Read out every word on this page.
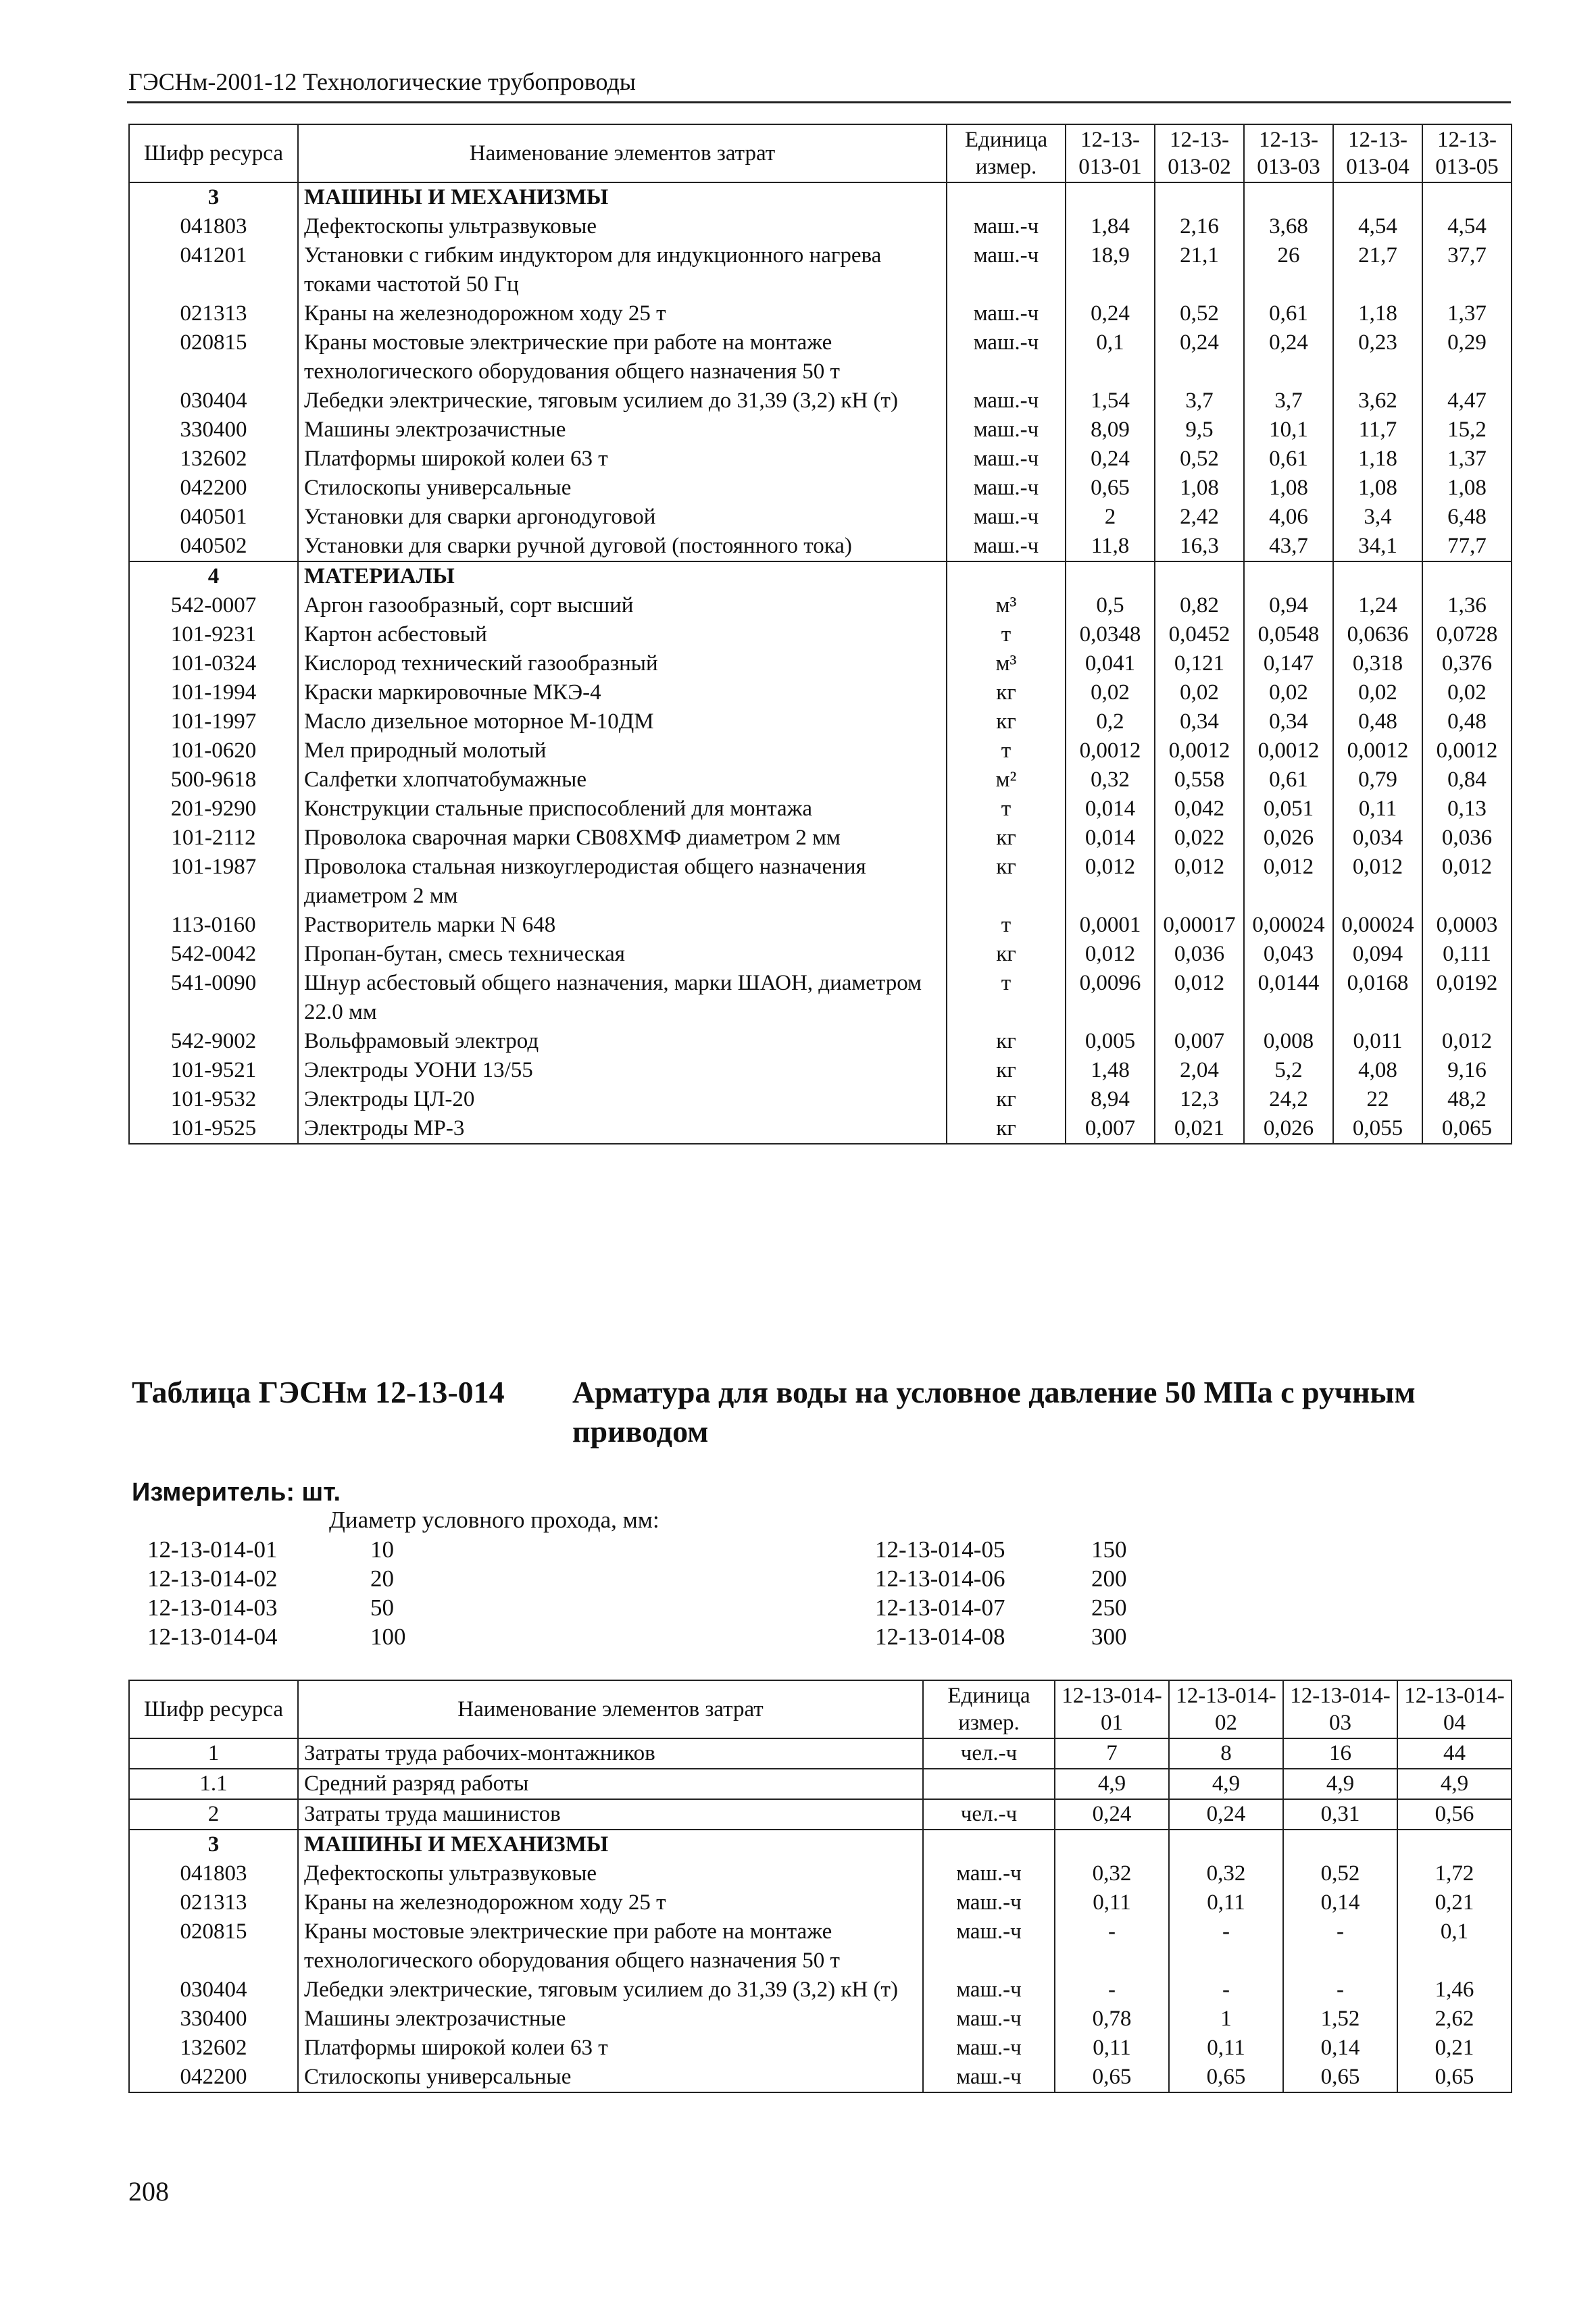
ГЭСНм-2001-12 Технологические трубопроводы
Шифр ресурса	Наименование элементов затрат	Единица измер.	12-13-013-01	12-13-013-02	12-13-013-03	12-13-013-04	12-13-013-05
3	МАШИНЫ И МЕХАНИЗМЫ						
041803	Дефектоскопы ультразвуковые	маш.-ч	1,84	2,16	3,68	4,54	4,54
041201	Установки с гибким индуктором для индукционного нагрева токами частотой 50 Гц	маш.-ч	18,9	21,1	26	21,7	37,7
021313	Краны на железнодорожном ходу 25 т	маш.-ч	0,24	0,52	0,61	1,18	1,37
020815	Краны мостовые электрические при работе на монтаже технологического оборудования общего назначения 50 т	маш.-ч	0,1	0,24	0,24	0,23	0,29
030404	Лебедки электрические, тяговым усилием до 31,39 (3,2) кН (т)	маш.-ч	1,54	3,7	3,7	3,62	4,47
330400	Машины электрозачистные	маш.-ч	8,09	9,5	10,1	11,7	15,2
132602	Платформы широкой колеи 63 т	маш.-ч	0,24	0,52	0,61	1,18	1,37
042200	Стилоскопы универсальные	маш.-ч	0,65	1,08	1,08	1,08	1,08
040501	Установки для сварки аргонодуговой	маш.-ч	2	2,42	4,06	3,4	6,48
040502	Установки для сварки ручной дуговой (постоянного тока)	маш.-ч	11,8	16,3	43,7	34,1	77,7
4	МАТЕРИАЛЫ						
542-0007	Аргон газообразный, сорт высший	м³	0,5	0,82	0,94	1,24	1,36
101-9231	Картон асбестовый	т	0,0348	0,0452	0,0548	0,0636	0,0728
101-0324	Кислород технический газообразный	м³	0,041	0,121	0,147	0,318	0,376
101-1994	Краски маркировочные МКЭ-4	кг	0,02	0,02	0,02	0,02	0,02
101-1997	Масло дизельное моторное М-10ДМ	кг	0,2	0,34	0,34	0,48	0,48
101-0620	Мел природный молотый	т	0,0012	0,0012	0,0012	0,0012	0,0012
500-9618	Салфетки хлопчатобумажные	м²	0,32	0,558	0,61	0,79	0,84
201-9290	Конструкции стальные приспособлений для монтажа	т	0,014	0,042	0,051	0,11	0,13
101-2112	Проволока сварочная марки СВ08ХМФ диаметром 2 мм	кг	0,014	0,022	0,026	0,034	0,036
101-1987	Проволока стальная низкоуглеродистая общего назначения диаметром 2 мм	кг	0,012	0,012	0,012	0,012	0,012
113-0160	Растворитель марки N 648	т	0,0001	0,00017	0,00024	0,00024	0,0003
542-0042	Пропан-бутан, смесь техническая	кг	0,012	0,036	0,043	0,094	0,111
541-0090	Шнур асбестовый общего назначения, марки ШАОН, диаметром 22.0 мм	т	0,0096	0,012	0,0144	0,0168	0,0192
542-9002	Вольфрамовый электрод	кг	0,005	0,007	0,008	0,011	0,012
101-9521	Электроды УОНИ 13/55	кг	1,48	2,04	5,2	4,08	9,16
101-9532	Электроды ЦЛ-20	кг	8,94	12,3	24,2	22	48,2
101-9525	Электроды МР-3	кг	0,007	0,021	0,026	0,055	0,065
Таблица ГЭСНм 12-13-014 Арматура для воды на условное давление 50 МПа с ручным приводом
Измеритель: шт.
Диаметр условного прохода, мм:
12-13-014-01	10
12-13-014-02	20
12-13-014-03	50
12-13-014-04	100
12-13-014-05	150
12-13-014-06	200
12-13-014-07	250
12-13-014-08	300
Шифр ресурса	Наименование элементов затрат	Единица измер.	12-13-014-01	12-13-014-02	12-13-014-03	12-13-014-04
1	Затраты труда рабочих-монтажников	чел.-ч	7	8	16	44
1.1	Средний разряд работы		4,9	4,9	4,9	4,9
2	Затраты труда машинистов	чел.-ч	0,24	0,24	0,31	0,56
3	МАШИНЫ И МЕХАНИЗМЫ					
041803	Дефектоскопы ультразвуковые	маш.-ч	0,32	0,32	0,52	1,72
021313	Краны на железнодорожном ходу 25 т	маш.-ч	0,11	0,11	0,14	0,21
020815	Краны мостовые электрические при работе на монтаже технологического оборудования общего назначения 50 т	маш.-ч	-	-	-	0,1
030404	Лебедки электрические, тяговым усилием до 31,39 (3,2) кН (т)	маш.-ч	-	-	-	1,46
330400	Машины электрозачистные	маш.-ч	0,78	1	1,52	2,62
132602	Платформы широкой колеи 63 т	маш.-ч	0,11	0,11	0,14	0,21
042200	Стилоскопы универсальные	маш.-ч	0,65	0,65	0,65	0,65
208
